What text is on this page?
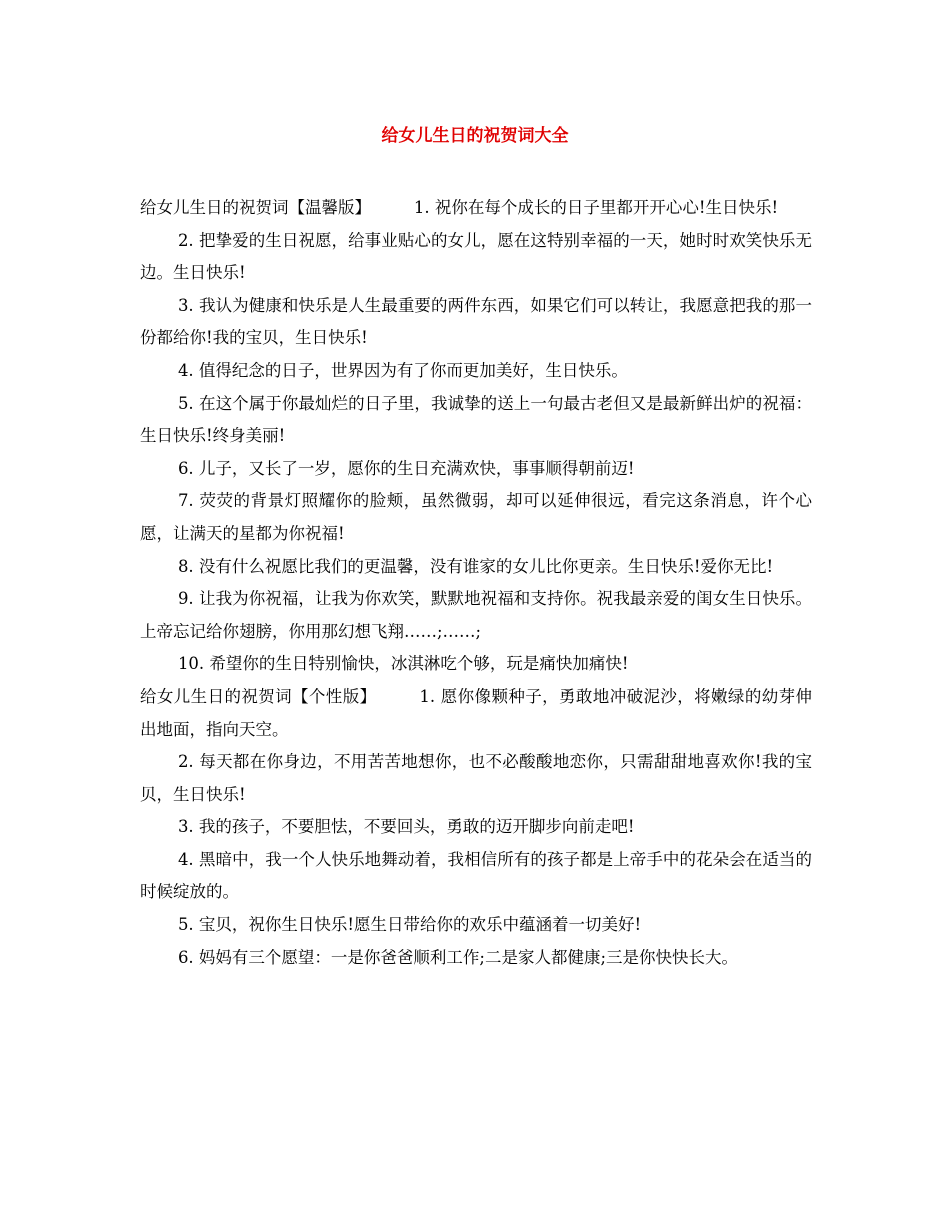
给女儿生日的祝贺词大全

给女儿生日的祝贺词【温馨版】	1. 祝你在每个成长的日子里都开开心心!生日快乐!

2. 把挚爱的生日祝愿，给事业贴心的女儿，愿在这特别幸福的一天，她时时欢笑快乐无边。生日快乐!

3. 我认为健康和快乐是人生最重要的两件东西，如果它们可以转让，我愿意把我的那一份都给你!我的宝贝，生日快乐!

4. 值得纪念的日子，世界因为有了你而更加美好，生日快乐。

5. 在这个属于你最灿烂的日子里，我诚挚的送上一句最古老但又是最新鲜出炉的祝福：生日快乐!终身美丽!

6. 儿子，又长了一岁，愿你的生日充满欢快，事事顺得朝前迈!

7. 荧荧的背景灯照耀你的脸颊，虽然微弱，却可以延伸很远，看完这条消息，许个心愿，让满天的星都为你祝福!

8. 没有什么祝愿比我们的更温馨，没有谁家的女儿比你更亲。生日快乐!爱你无比!

9. 让我为你祝福，让我为你欢笑，默默地祝福和支持你。祝我最亲爱的闺女生日快乐。上帝忘记给你翅膀，你用那幻想飞翔……;……;

10. 希望你的生日特别愉快，冰淇淋吃个够，玩是痛快加痛快!

给女儿生日的祝贺词【个性版】	1. 愿你像颗种子，勇敢地冲破泥沙，将嫩绿的幼芽伸出地面，指向天空。

2. 每天都在你身边，不用苦苦地想你，也不必酸酸地恋你，只需甜甜地喜欢你!我的宝贝，生日快乐!

3. 我的孩子，不要胆怯，不要回头，勇敢的迈开脚步向前走吧!

4. 黑暗中，我一个人快乐地舞动着，我相信所有的孩子都是上帝手中的花朵会在适当的时候绽放的。

5. 宝贝，祝你生日快乐!愿生日带给你的欢乐中蕴涵着一切美好!

6. 妈妈有三个愿望：一是你爸爸顺利工作;二是家人都健康;三是你快快长大。
